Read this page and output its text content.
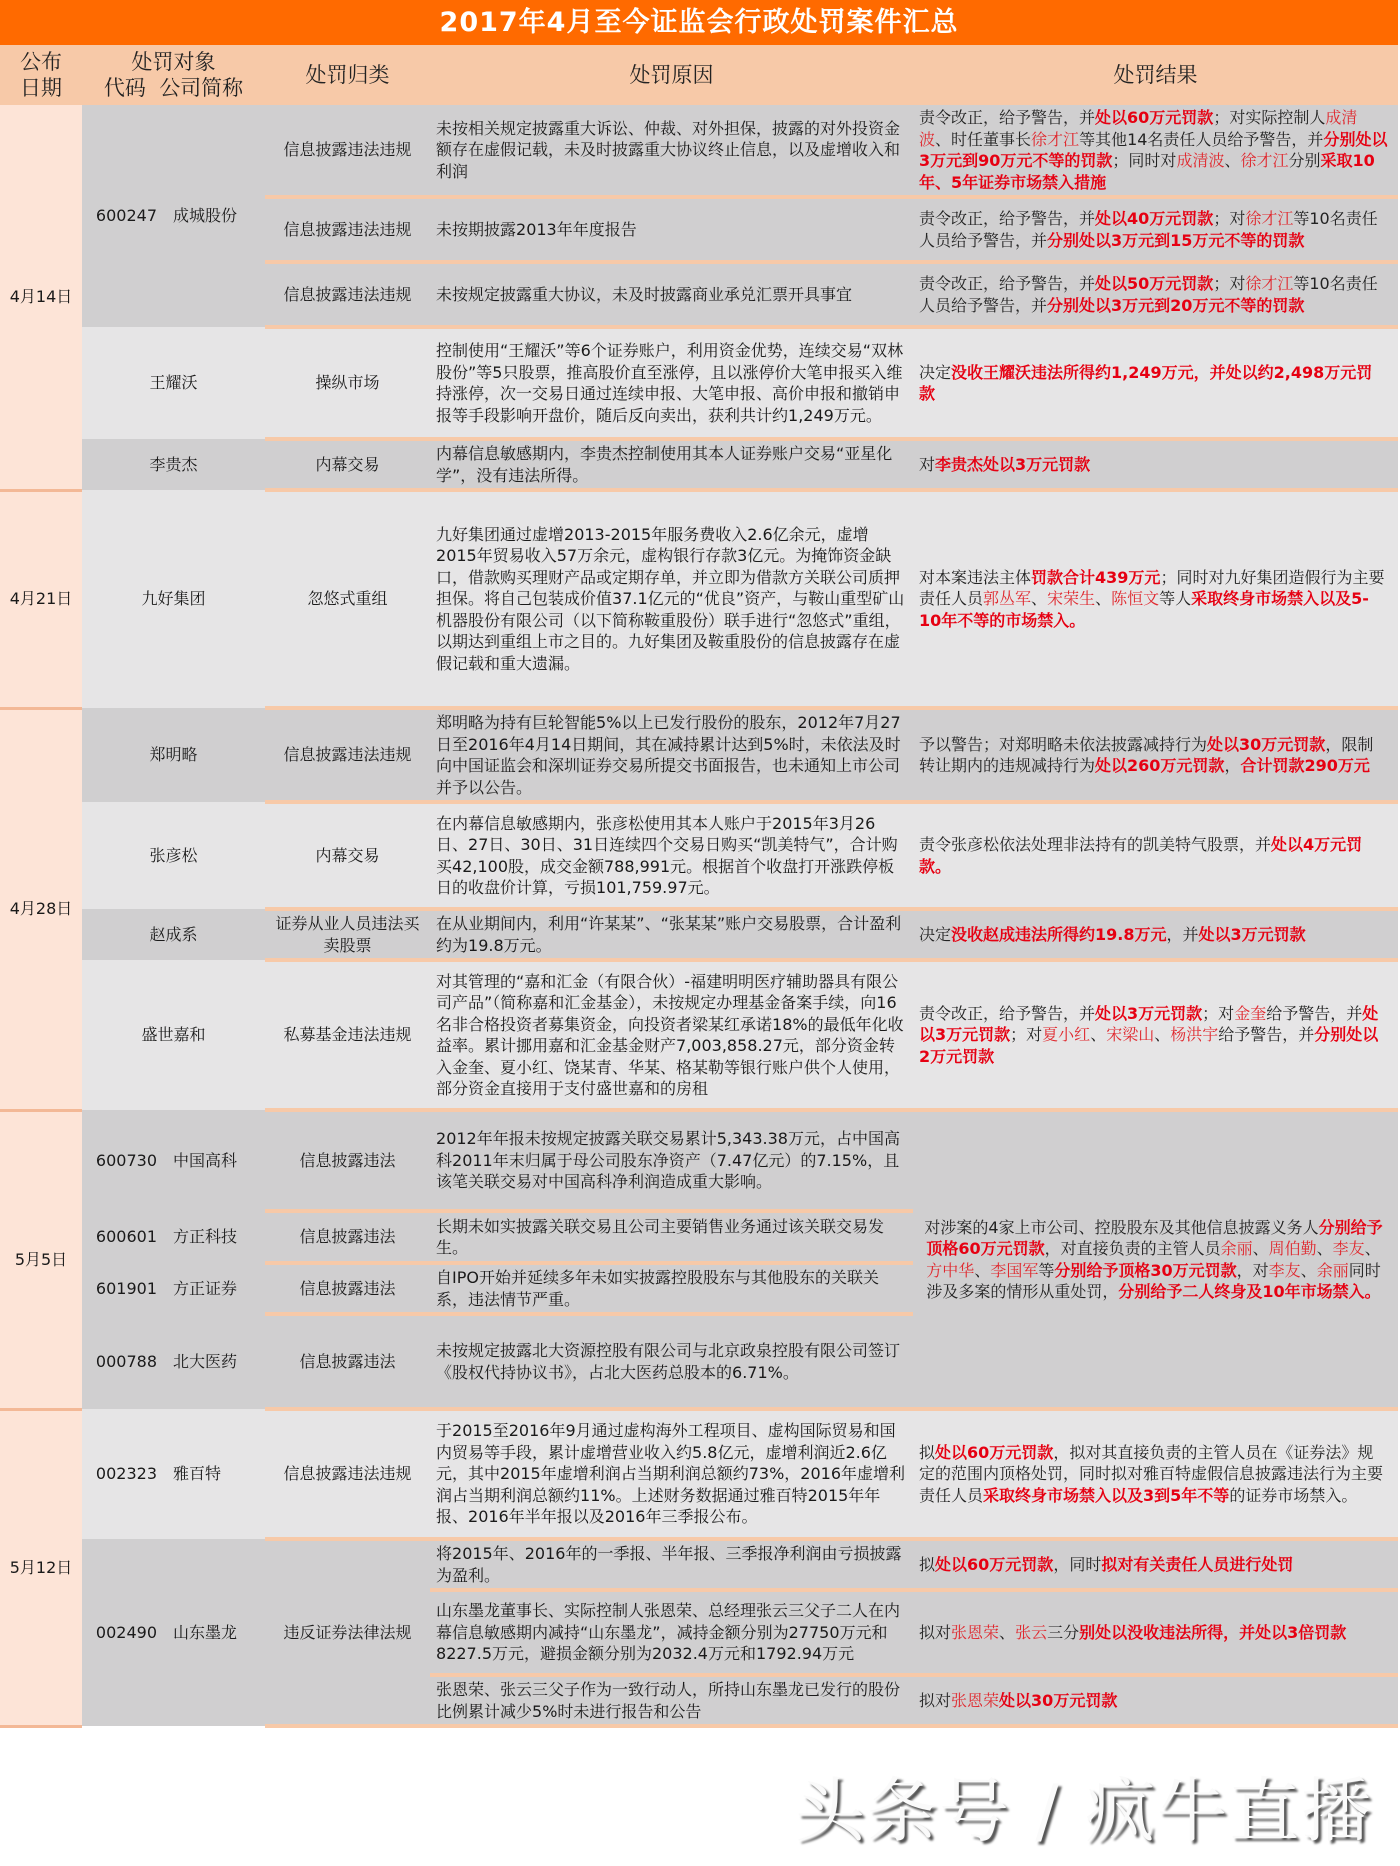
2017年4月至今证监会行政处罚案件汇总
公布
日期	处罚对象
代码 公司简称		处罚归类	处罚原因	处罚结果
4月14日	600247	成城股份	信息披露违法违规	未按相关规定披露重大诉讼、仲裁、对外担保，披露的对外投资金额存在虚假记载，未及时披露重大协议终止信息，以及虚增收入和利润	责令改正，给予警告，并处以60万元罚款；对实际控制人成清波、时任董事长徐才江等其他14名责任人员给予警告，并分别处以3万元到90万元不等的罚款；同时对成清波、徐才江分别采取10年、5年证券市场禁入措施
			信息披露违法违规	未按期披露2013年年度报告	责令改正，给予警告，并处以40万元罚款；对徐才江等10名责任人员给予警告，并分别处以3万元到15万元不等的罚款
			信息披露违法违规	未按规定披露重大协议，未及时披露商业承兑汇票开具事宜	责令改正，给予警告，并处以50万元罚款；对徐才江等10名责任人员给予警告，并分别处以3万元到20万元不等的罚款
	王耀沃		操纵市场	控制使用“王耀沃”等6个证券账户，利用资金优势，连续交易“双林股份”等5只股票，推高股价直至涨停，且以涨停价大笔申报买入维持涨停，次一交易日通过连续申报、大笔申报、高价申报和撤销申报等手段影响开盘价，随后反向卖出，获利共计约1,249万元。	决定没收王耀沃违法所得约1,249万元，并处以约2,498万元罚款
	李贵杰		内幕交易	内幕信息敏感期内，李贵杰控制使用其本人证券账户交易“亚星化学”，没有违法所得。	对李贵杰处以3万元罚款
4月21日	九好集团		忽悠式重组	九好集团通过虚增2013-2015年服务费收入2.6亿余元，虚增2015年贸易收入57万余元，虚构银行存款3亿元。为掩饰资金缺口，借款购买理财产品或定期存单，并立即为借款方关联公司质押担保。将自己包装成价值37.1亿元的“优良”资产，与鞍山重型矿山机器股份有限公司（以下简称鞍重股份）联手进行“忽悠式”重组，以期达到重组上市之目的。九好集团及鞍重股份的信息披露存在虚假记载和重大遗漏。	对本案违法主体罚款合计439万元；同时对九好集团造假行为主要责任人员郭丛军、宋荣生、陈恒文等人采取终身市场禁入以及5-10年不等的市场禁入。
4月28日	郑明略		信息披露违法违规	郑明略为持有巨轮智能5%以上已发行股份的股东，2012年7月27日至2016年4月14日期间，其在减持累计达到5%时，未依法及时向中国证监会和深圳证券交易所提交书面报告，也未通知上市公司并予以公告。	予以警告；对郑明略未依法披露减持行为处以30万元罚款，限制转让期内的违规减持行为处以260万元罚款，合计罚款290万元
	张彦松		内幕交易	在内幕信息敏感期内，张彦松使用其本人账户于2015年3月26日、27日、30日、31日连续四个交易日购买“凯美特气”，合计购买42,100股，成交金额788,991元。根据首个收盘打开涨跌停板日的收盘价计算，亏损101,759.97元。	责令张彦松依法处理非法持有的凯美特气股票，并处以4万元罚款。
	赵成系		证券从业人员违法买卖股票	在从业期间内，利用“许某某”、“张某某”账户交易股票，合计盈利约为19.8万元。	决定没收赵成违法所得约19.8万元，并处以3万元罚款
	盛世嘉和		私募基金违法违规	对其管理的“嘉和汇金（有限合伙）-福建明明医疗辅助器具有限公司产品”（简称嘉和汇金基金），未按规定办理基金备案手续，向16名非合格投资者募集资金，向投资者梁某红承诺18%的最低年化收益率。累计挪用嘉和汇金基金财产7,003,858.27元，部分资金转入金奎、夏小红、饶某青、华某、格某勒等银行账户供个人使用，部分资金直接用于支付盛世嘉和的房租	责令改正，给予警告，并处以3万元罚款；对金奎给予警告，并处以3万元罚款；对夏小红、宋梁山、杨洪宇给予警告，并分别处以2万元罚款
5月5日	600730	中国高科	信息披露违法	2012年年报未按规定披露关联交易累计5,343.38万元，占中国高科2011年末归属于母公司股东净资产（7.47亿元）的7.15%，且该笔关联交易对中国高科净利润造成重大影响。	对涉案的4家上市公司、控股股东及其他信息披露义务人分别给予顶格60万元罚款，对直接负责的主管人员余丽、周伯勤、李友、方中华、李国军等分别给予顶格30万元罚款，对李友、余丽同时涉及多案的情形从重处罚，分别给予二人终身及10年市场禁入。
	600601	方正科技	信息披露违法	长期未如实披露关联交易且公司主要销售业务通过该关联交易发生。	
	601901	方正证券	信息披露违法	自IPO开始并延续多年未如实披露控股股东与其他股东的关联关系，违法情节严重。	
	000788	北大医药	信息披露违法	未按规定披露北大资源控股有限公司与北京政泉控股有限公司签订《股权代持协议书》，占北大医药总股本的6.71%。	
5月12日	002323	雅百特	信息披露违法违规	于2015至2016年9月通过虚构海外工程项目、虚构国际贸易和国内贸易等手段，累计虚增营业收入约5.8亿元，虚增利润近2.6亿元，其中2015年虚增利润占当期利润总额约73%，2016年虚增利润占当期利润总额约11%。上述财务数据通过雅百特2015年年报、2016年半年报以及2016年三季报公布。	拟处以60万元罚款，拟对其直接负责的主管人员在《证券法》规定的范围内顶格处罚，同时拟对雅百特虚假信息披露违法行为主要责任人员采取终身市场禁入以及3到5年不等的证券市场禁入。
	002490	山东墨龙	违反证券法律法规	将2015年、2016年的一季报、半年报、三季报净利润由亏损披露为盈利。	拟处以60万元罚款，同时拟对有关责任人员进行处罚
				山东墨龙董事长、实际控制人张恩荣、总经理张云三父子二人在内幕信息敏感期内减持“山东墨龙”，减持金额分别为27750万元和8227.5万元，避损金额分别为2032.4万元和1792.94万元	拟对张恩荣、张云三分别处以没收违法所得，并处以3倍罚款
				张恩荣、张云三父子作为一致行动人，所持山东墨龙已发行的股份比例累计减少5%时未进行报告和公告	拟对张恩荣处以30万元罚款
头条号 / 疯牛直播
